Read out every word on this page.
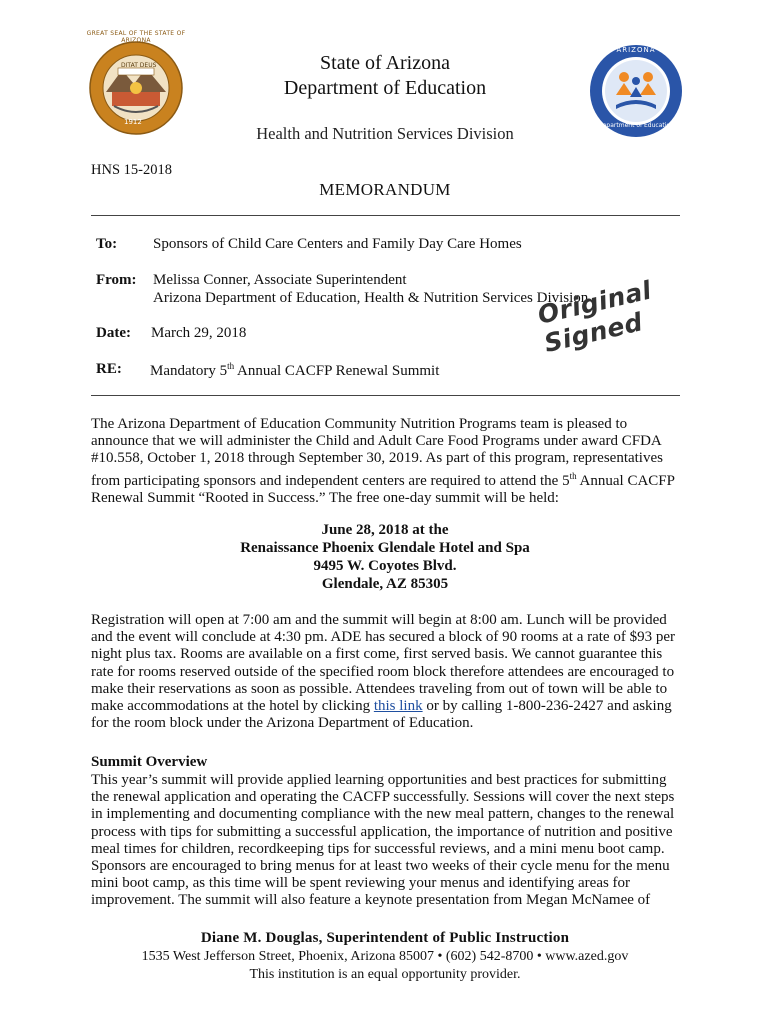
DITAT DEUS
1912
GREAT SEAL OF THE STATE OF ARIZONA
ARIZONA
Department of Education
State of Arizona
Department of Education
Health and Nutrition Services Division
HNS 15-2018
MEMORANDUM
To: Sponsors of Child Care Centers and Family Day Care Homes
From: Melissa Conner, Associate Superintendent
Arizona Department of Education, Health & Nutrition Services Division
Date: March 29, 2018
RE: Mandatory 5th Annual CACFP Renewal Summit
Original Signed
The Arizona Department of Education Community Nutrition Programs team is pleased to announce that we will administer the Child and Adult Care Food Programs under award CFDA #10.558, October 1, 2018 through September 30, 2019. As part of this program, representatives from participating sponsors and independent centers are required to attend the 5th Annual CACFP Renewal Summit “Rooted in Success.” The free one-day summit will be held:
June 28, 2018 at the
Renaissance Phoenix Glendale Hotel and Spa
9495 W. Coyotes Blvd.
Glendale, AZ 85305
Registration will open at 7:00 am and the summit will begin at 8:00 am. Lunch will be provided and the event will conclude at 4:30 pm. ADE has secured a block of 90 rooms at a rate of $93 per night plus tax. Rooms are available on a first come, first served basis. We cannot guarantee this rate for rooms reserved outside of the specified room block therefore attendees are encouraged to make their reservations as soon as possible. Attendees traveling from out of town will be able to make accommodations at the hotel by clicking this link or by calling 1-800-236-2427 and asking for the room block under the Arizona Department of Education.
Summit Overview
This year’s summit will provide applied learning opportunities and best practices for submitting the renewal application and operating the CACFP successfully. Sessions will cover the next steps in implementing and documenting compliance with the new meal pattern, changes to the renewal process with tips for submitting a successful application, the importance of nutrition and positive meal times for children, recordkeeping tips for successful reviews, and a mini menu boot camp. Sponsors are encouraged to bring menus for at least two weeks of their cycle menu for the menu mini boot camp, as this time will be spent reviewing your menus and identifying areas for improvement. The summit will also feature a keynote presentation from Megan McNamee of
Diane M. Douglas, Superintendent of Public Instruction
1535 West Jefferson Street, Phoenix, Arizona 85007 • (602) 542-8700 • www.azed.gov
This institution is an equal opportunity provider.
